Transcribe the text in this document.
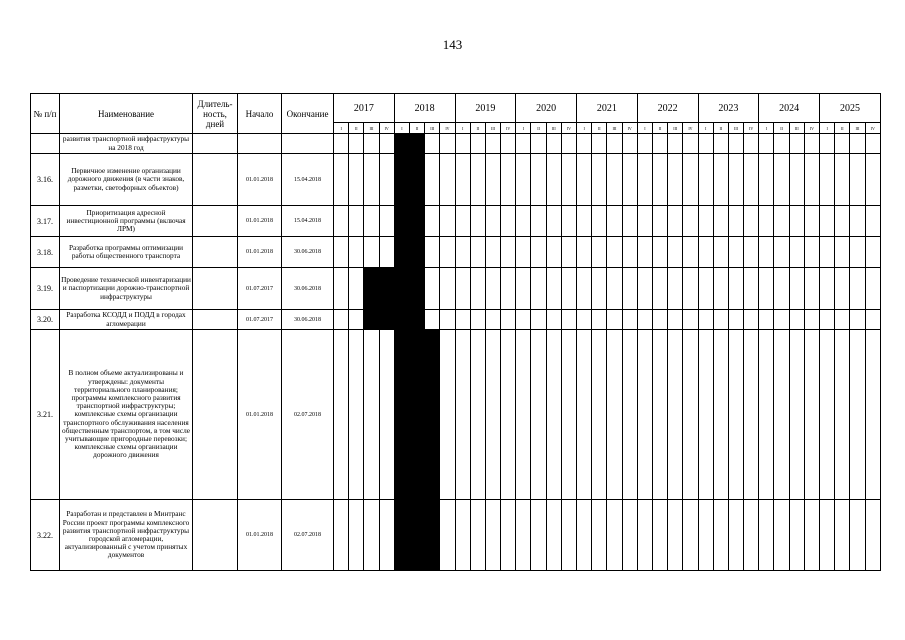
143
№ п/п	Наименование	Длитель-ность, дней	Начало	Окончание	2017				2018				2019				2020				2021				2022				2023				2024				2025			
					I	II	III	IV	I	II	III	IV	I	II	III	IV	I	II	III	IV	I	II	III	IV	I	II	III	IV	I	II	III	IV	I	II	III	IV	I	II	III	IV
	развития транспортной инфраструктуры на 2018 год																																							
3.16.	Первичное изменение организации дорожного движения (в части знаков, разметки, светофорных объектов)		01.01.2018	15.04.2018																																				
3.17.	Приоритизация адресной инвестиционной программы (включая ЛРМ)		01.01.2018	15.04.2018																																				
3.18.	Разработка программы оптимизации работы общественного транспорта		01.01.2018	30.06.2018																																				
3.19.	Проведение технической инвентаризации и паспортизации дорожно-транспортной инфраструктуры		01.07.2017	30.06.2018																																				
3.20.	Разработка КСОДД и ПОДД в городах агломерации		01.07.2017	30.06.2018																																				
3.21.	В полном объеме актуализированы и утверждены: документы территориального планирования; программы комплексного развития транспортной инфраструктуры; комплексные схемы организации транспортного обслуживания населения общественным транспортом, в том числе учитывающие пригородные перевозки; комплексные схемы организации дорожного движения		01.01.2018	02.07.2018																																				
3.22.	Разработан и представлен в Минтранс России проект программы комплексного развития транспортной инфраструктуры городской агломерации, актуализированный с учетом принятых документов		01.01.2018	02.07.2018																																				
